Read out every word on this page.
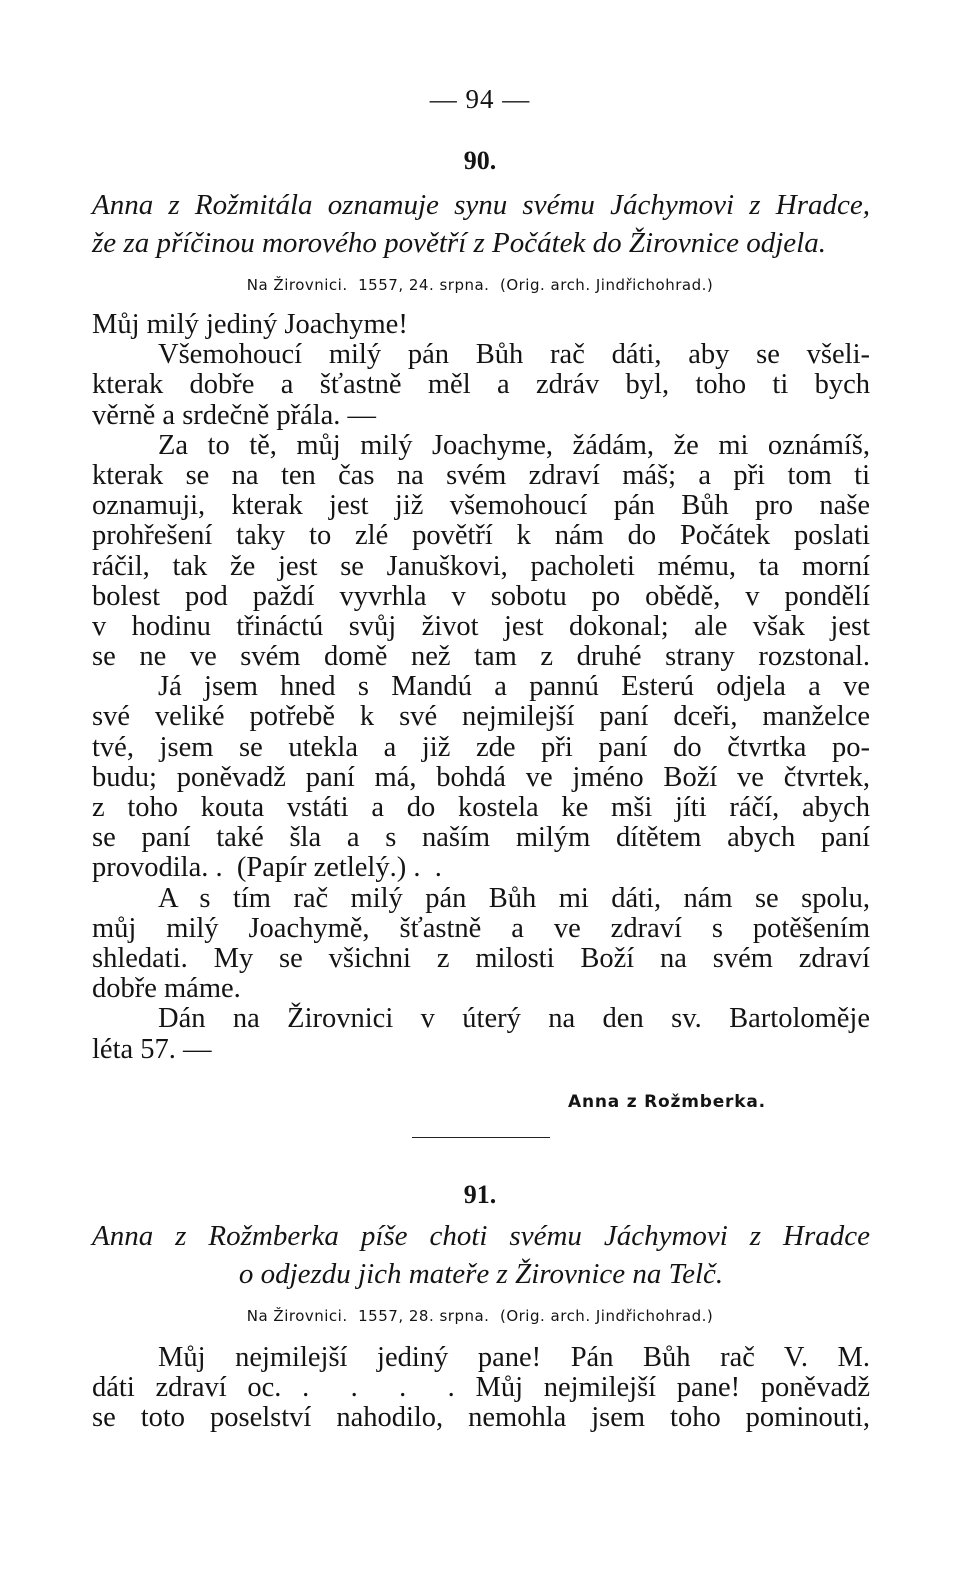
— 94 —
90.
Anna z Rožmitála oznamuje synu svému Jáchymovi z Hradce,
že za příčinou morového povětří z Počátek do Žirovnice odjela.
Na Žirovnici.  1557, 24. srpna.  (Orig. arch. Jindřichohrad.)
Můj milý jediný Joachyme!
Všemohoucí milý pán Bůh rač dáti, aby se všeli-
kterak dobře a šťastně měl a zdráv byl, toho ti bych
věrně a srdečně přála. —
Za to tě, můj milý Joachyme, žádám, že mi oznámíš,
kterak se na ten čas na svém zdraví máš; a při tom ti
oznamuji, kterak jest již všemohoucí pán Bůh pro naše
prohřešení taky to zlé povětří k nám do Počátek poslati
ráčil, tak že jest se Januškovi, pacholeti mému, ta morní
bolest pod paždí vyvrhla v sobotu po obědě, v pondělí
v hodinu třináctú svůj život jest dokonal; ale však jest
se ne ve svém domě než tam z druhé strany rozstonal.
Já jsem hned s Mandú a pannú Esterú odjela a ve
své veliké potřebě k své nejmilejší paní dceři, manželce
tvé, jsem se utekla a již zde při paní do čtvrtka po-
budu; poněvadž paní má, bohdá ve jméno Boží ve čtvrtek,
z toho kouta vstáti a do kostela ke mši jíti ráčí, abych
se paní také šla a s naším milým dítětem abych paní
provodila. .  (Papír zetlelý.) .  .
A s tím rač milý pán Bůh mi dáti, nám se spolu,
můj milý Joachymě, šťastně a ve zdraví s potěšením
shledati. My se všichni z milosti Boží na svém zdraví
dobře máme.
Dán na Žirovnici v úterý na den sv. Bartoloměje
léta 57. —
Anna z Rožmberka.
91.
Anna z Rožmberka píše choti svému Jáchymovi z Hradce
o odjezdu jich mateře z Žirovnice na Telč.
Na Žirovnici.  1557, 28. srpna.  (Orig. arch. Jindřichohrad.)
Můj nejmilejší jediný pane! Pán Bůh rač V. M.
dáti zdraví oc. .  .  .  . Můj nejmilejší pane! poněvadž
se toto poselství nahodilo, nemohla jsem toho pominouti,
